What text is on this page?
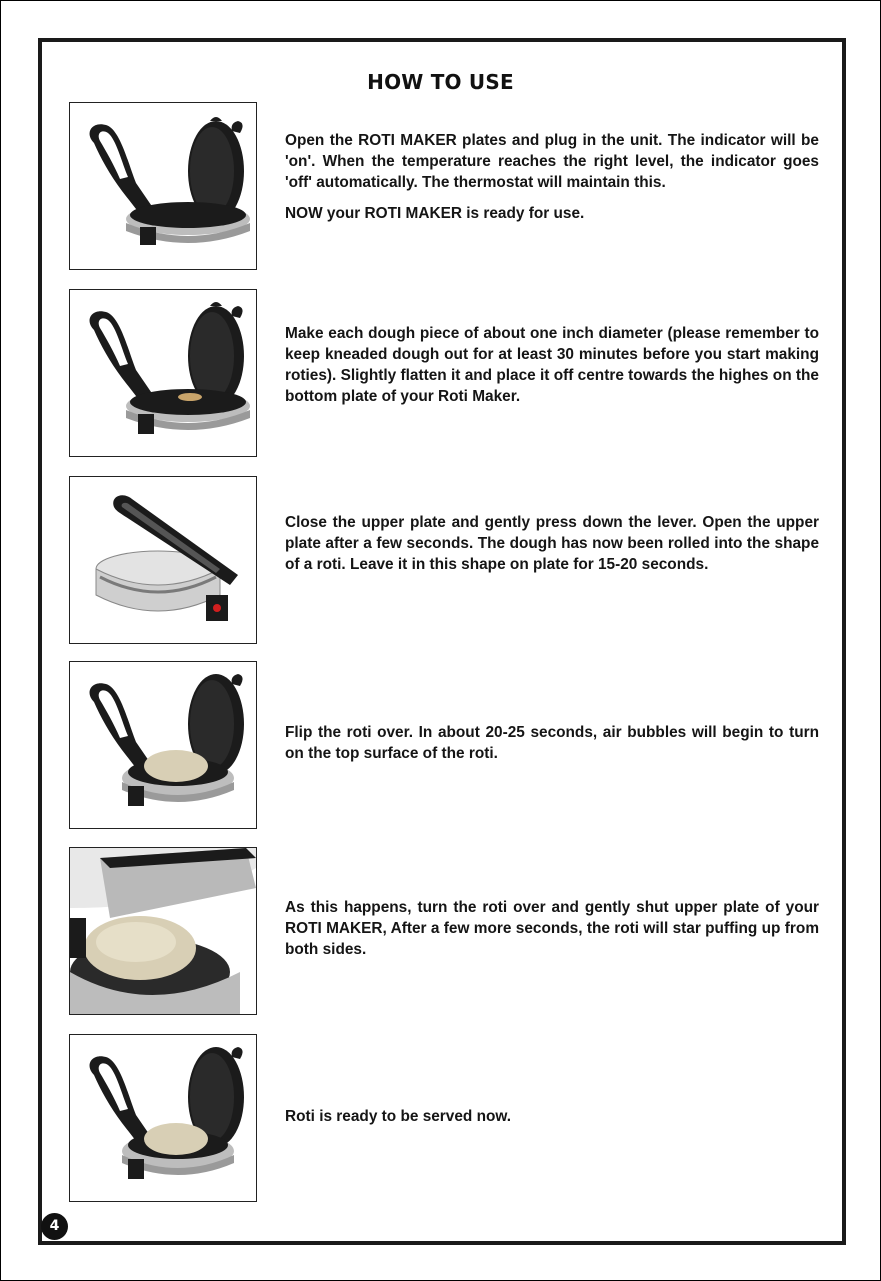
HOW TO USE

Open the ROTI MAKER plates and plug in the unit. The indicator will be 'on'. When the temperature reaches the right level, the indicator goes 'off' automatically. The thermostat will maintain this.

NOW your ROTI MAKER is ready for use.

Make each dough piece of about one inch diameter (please remember to keep kneaded dough out for at least 30 minutes before you start making roties). Slightly flatten it and place it off centre towards the highes on the bottom plate of your Roti Maker.

Close the upper plate and gently press down the lever. Open the upper plate after a few seconds. The dough has now been rolled into the shape of a roti. Leave it in this shape on plate for 15-20 seconds.

Flip the roti over. In about 20-25 seconds, air bubbles will begin to turn on the top surface of the roti.

As this happens, turn the roti over and gently shut upper plate of your ROTI MAKER, After a few more seconds, the roti will star puffing up from both sides.

Roti is ready to be served now.

4
